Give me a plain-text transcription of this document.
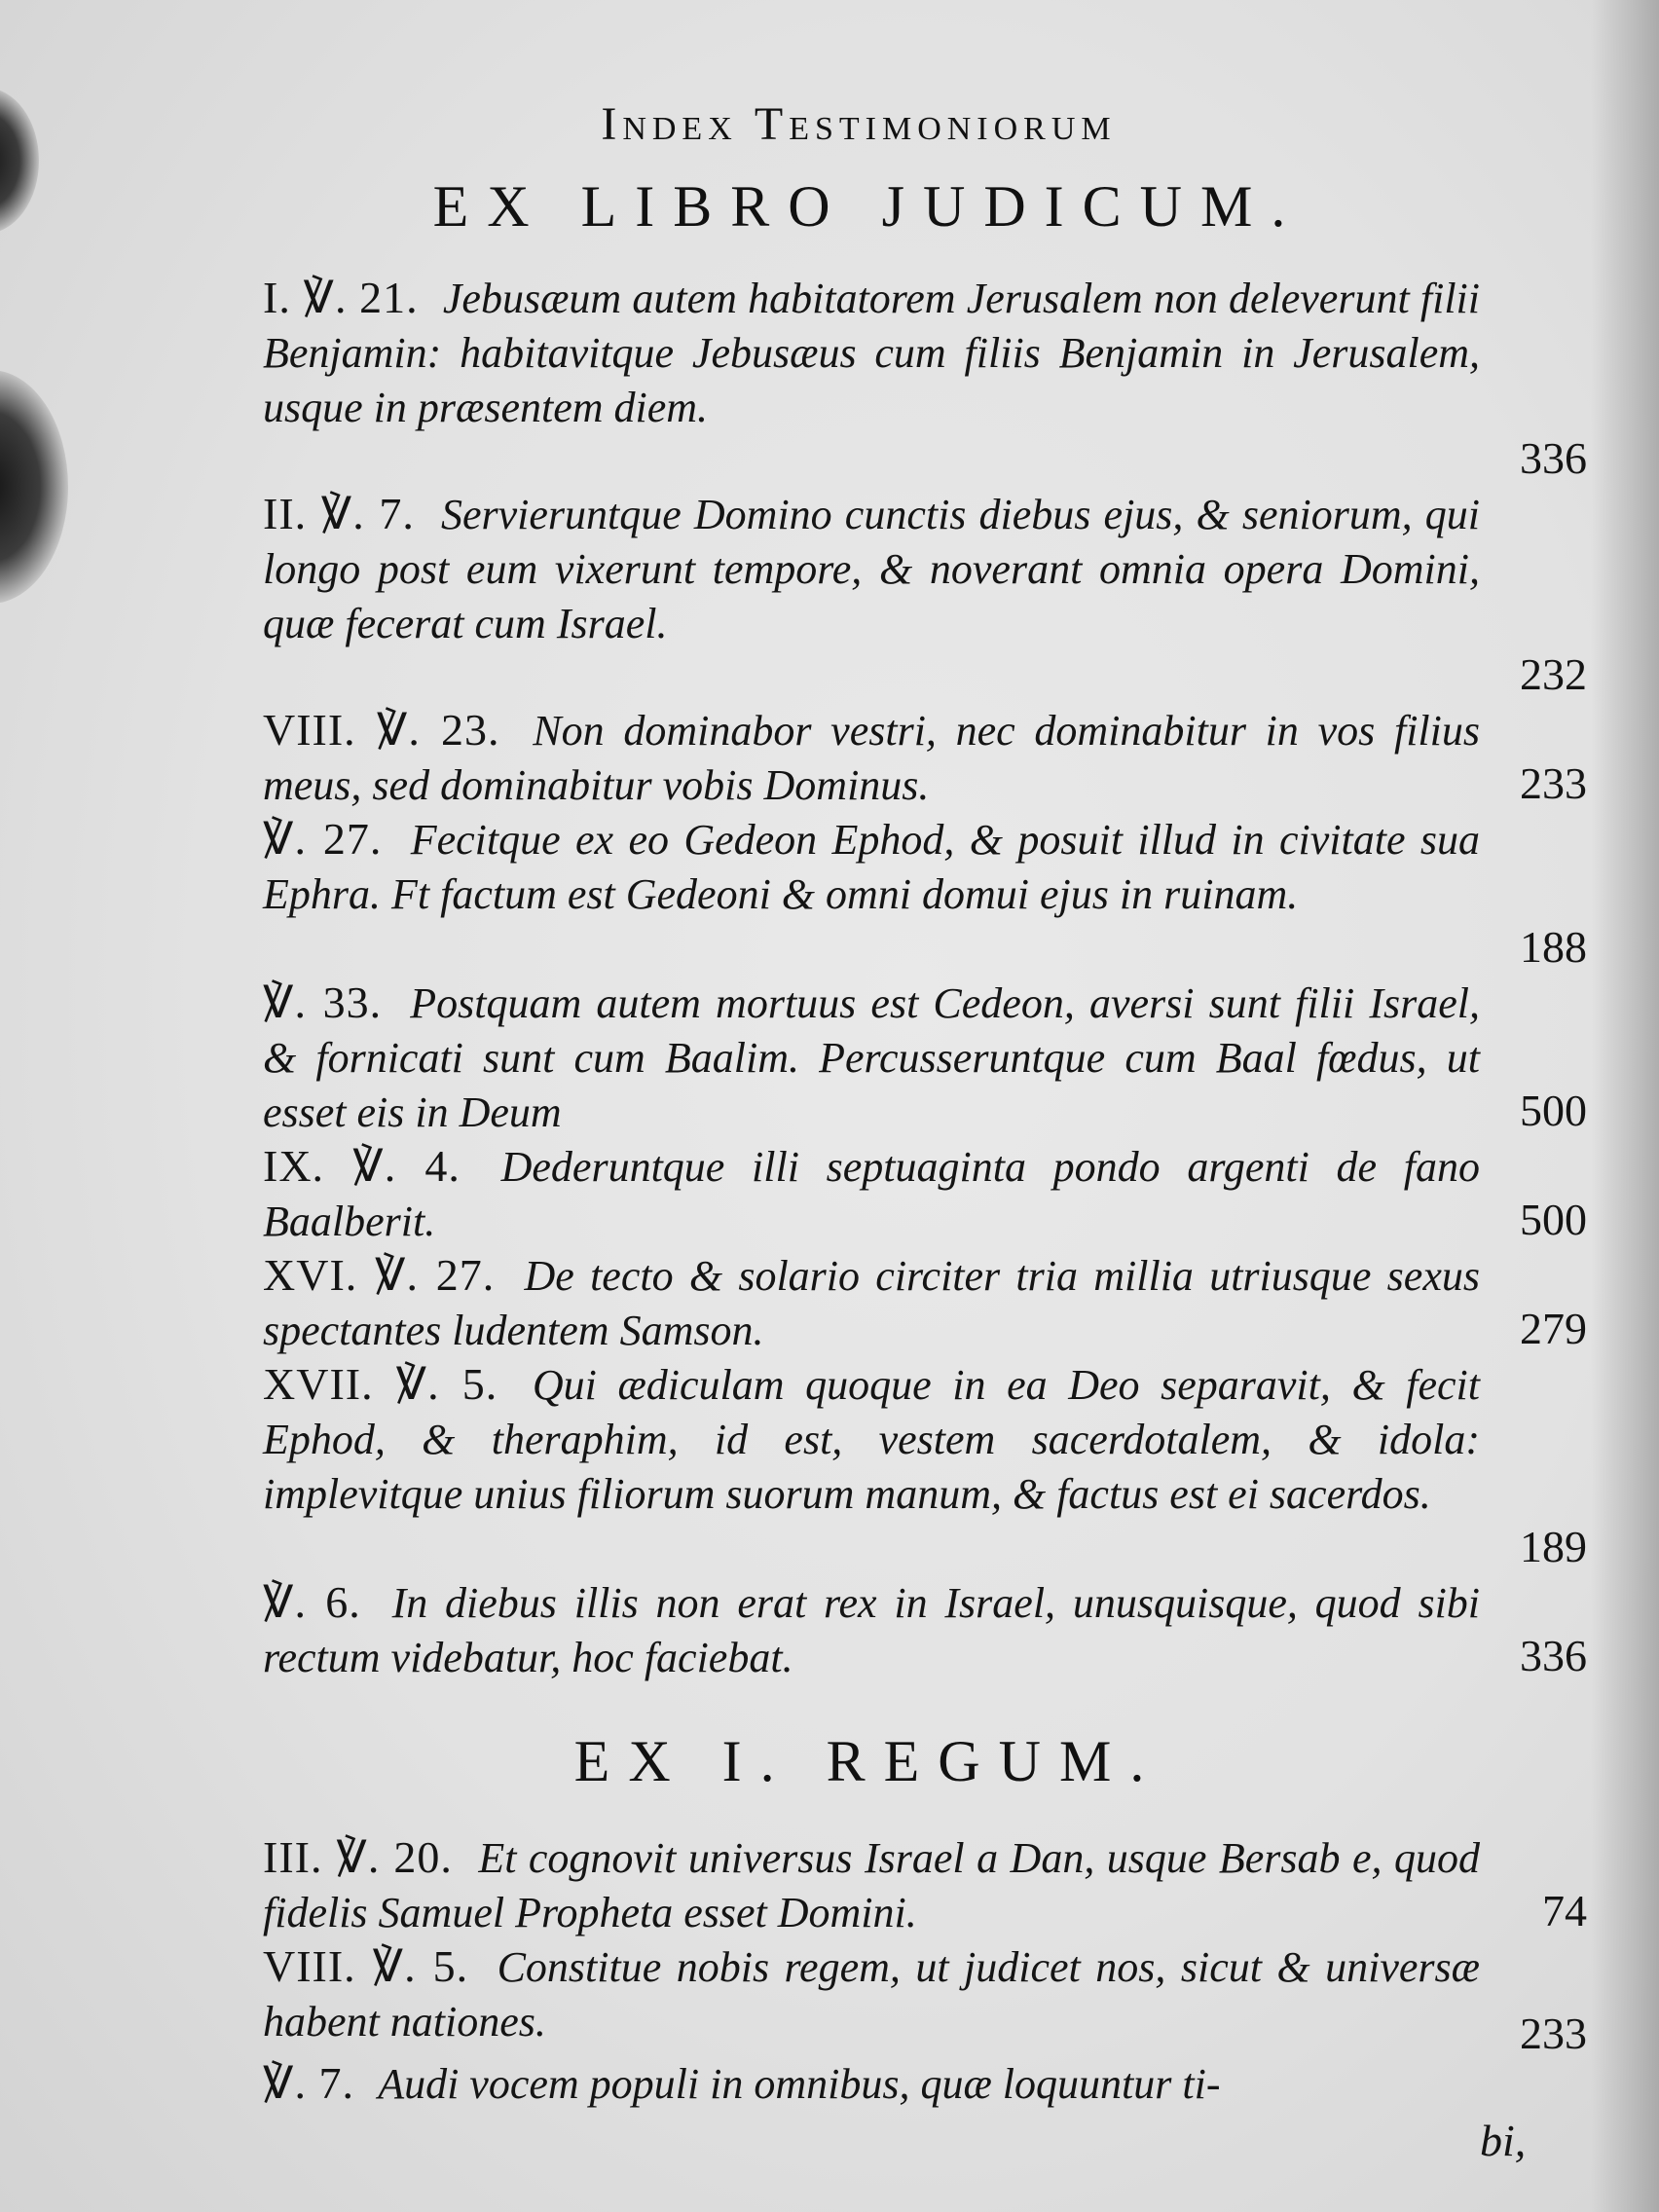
Index Testimoniorum
EX LIBRO JUDICUM.
I. ℣. 21. Jebusæum autem habitatorem Jerusalem non deleverunt filii Benjamin: habitavitque Jebusæus cum filiis Benjamin in Jerusalem, usque in præsentem diem.
336
II. ℣. 7. Servieruntque Domino cunctis diebus ejus, & seniorum, qui longo post eum vixerunt tempore, & noverant omnia opera Domini, quæ fecerat cum Israel.
232
VIII. ℣. 23. Non dominabor vestri, nec dominabitur in vos filius meus, sed dominabitur vobis Dominus.	233
℣. 27. Fecitque ex eo Gedeon Ephod, & posuit illud in civitate sua Ephra. Ft factum est Gedeoni & omni domui ejus in ruinam.
188
℣. 33. Postquam autem mortuus est Cedeon, aversi sunt filii Israel, & fornicati sunt cum Baalim. Percusseruntque cum Baal fœdus, ut esset eis in Deum	500
IX. ℣. 4. Dederuntque illi septuaginta pondo argenti de fano Baalberit.	500
XVI. ℣. 27. De tecto & solario circiter tria millia utriusque sexus spectantes ludentem Samson.	279
XVII. ℣. 5. Qui ædiculam quoque in ea Deo separavit, & fecit Ephod, & theraphim, id est, vestem sacerdotalem, & idola: implevitque unius filiorum suorum manum, & factus est ei sacerdos.
189
℣. 6. In diebus illis non erat rex in Israel, unusquisque, quod sibi rectum videbatur, hoc faciebat.	336
EX I. REGUM.
III. ℣. 20. Et cognovit universus Israel a Dan, usque Bersab e, quod fidelis Samuel Propheta esset Domini.	74
VIII. ℣. 5. Constitue nobis regem, ut judicet nos, sicut & universæ habent nationes.	233
℣. 7. Audi vocem populi in omnibus, quæ loquuntur ti-
bi,
